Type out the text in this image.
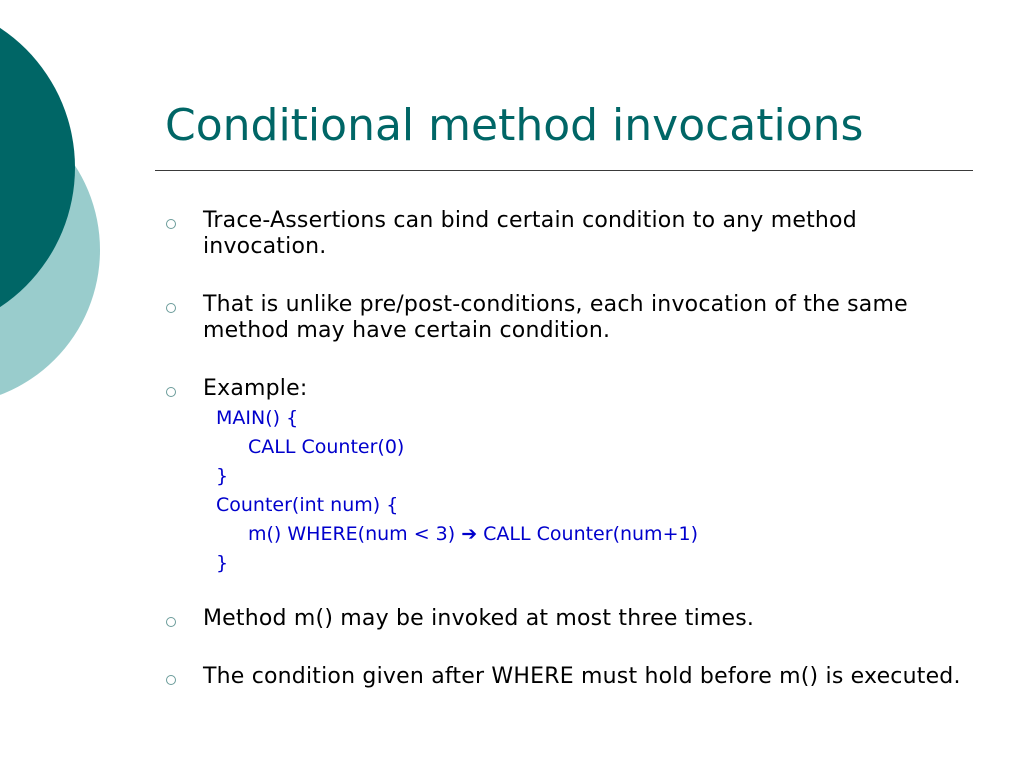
Conditional method invocations
Trace-Assertions can bind certain condition to any method invocation.
That is unlike pre/post-conditions, each invocation of the same method may have certain condition.
Example:
MAIN() {
CALL Counter(0)
}
Counter(int num) {
m() WHERE(num < 3) ➔ CALL Counter(num+1)
}
Method m() may be invoked at most three times.
The condition given after WHERE must hold before m() is executed.
